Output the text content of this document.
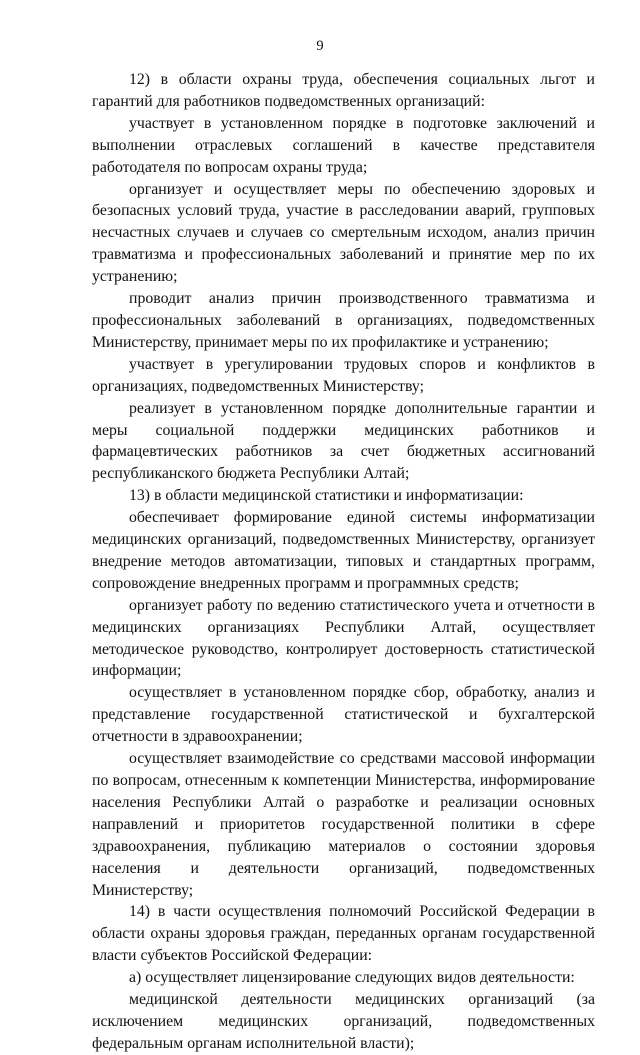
9

12) в области охраны труда, обеспечения социальных льгот и гарантий для работников подведомственных организаций:

участвует в установленном порядке в подготовке заключений и выполнении отраслевых соглашений в качестве представителя работодателя по вопросам охраны труда;

организует и осуществляет меры по обеспечению здоровых и безопасных условий труда, участие в расследовании аварий, групповых несчастных случаев и случаев со смертельным исходом, анализ причин травматизма и профессиональных заболеваний и принятие мер по их устранению;

проводит анализ причин производственного травматизма и профессиональных заболеваний в организациях, подведомственных Министерству, принимает меры по их профилактике и устранению;

участвует в урегулировании трудовых споров и конфликтов в организациях, подведомственных Министерству;

реализует в установленном порядке дополнительные гарантии и меры социальной поддержки медицинских работников и фармацевтических работников за счет бюджетных ассигнований республиканского бюджета Республики Алтай;

13) в области медицинской статистики и информатизации:

обеспечивает формирование единой системы информатизации медицинских организаций, подведомственных Министерству, организует внедрение методов автоматизации, типовых и стандартных программ, сопровождение внедренных программ и программных средств;

организует работу по ведению статистического учета и отчетности в медицинских организациях Республики Алтай, осуществляет методическое руководство, контролирует достоверность статистической информации;

осуществляет в установленном порядке сбор, обработку, анализ и представление государственной статистической и бухгалтерской отчетности в здравоохранении;

осуществляет взаимодействие со средствами массовой информации по вопросам, отнесенным к компетенции Министерства, информирование населения Республики Алтай о разработке и реализации основных направлений и приоритетов государственной политики в сфере здравоохранения, публикацию материалов о состоянии здоровья населения и деятельности организаций, подведомственных Министерству;

14) в части осуществления полномочий Российской Федерации в области охраны здоровья граждан, переданных органам государственной власти субъектов Российской Федерации:

а) осуществляет лицензирование следующих видов деятельности:

медицинской деятельности медицинских организаций (за исключением медицинских организаций, подведомственных федеральным органам исполнительной власти);
